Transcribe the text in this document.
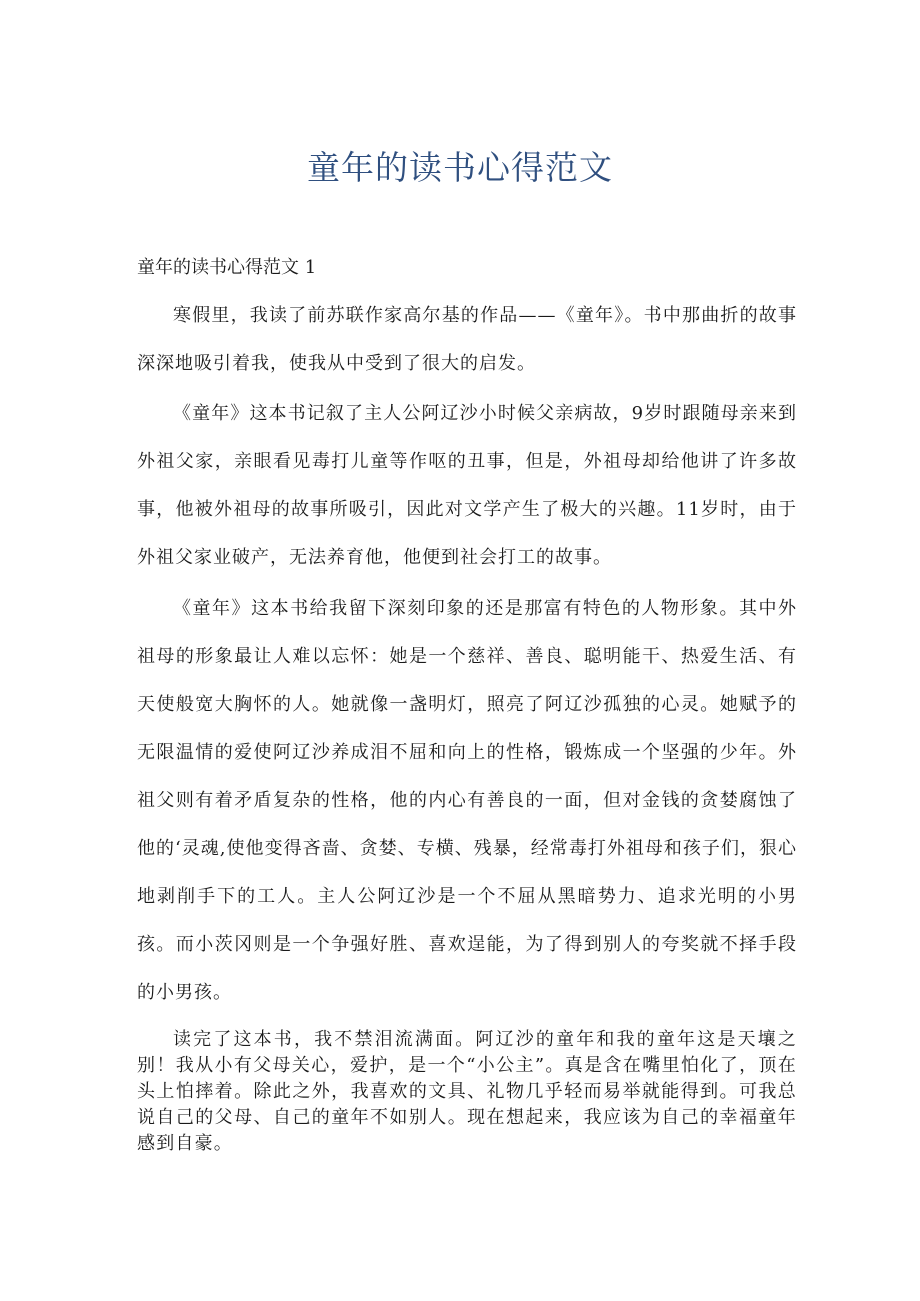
童年的读书心得范文
童年的读书心得范文 1

寒假里，我读了前苏联作家高尔基的作品——《童年》。书中那曲折的故事深深地吸引着我，使我从中受到了很大的启发。

《童年》这本书记叙了主人公阿辽沙小时候父亲病故，9岁时跟随母亲来到外祖父家，亲眼看见毒打儿童等作呕的丑事，但是，外祖母却给他讲了许多故事，他被外祖母的故事所吸引，因此对文学产生了极大的兴趣。11岁时，由于外祖父家业破产，无法养育他，他便到社会打工的故事。

《童年》这本书给我留下深刻印象的还是那富有特色的人物形象。其中外祖母的形象最让人难以忘怀：她是一个慈祥、善良、聪明能干、热爱生活、有天使般宽大胸怀的人。她就像一盏明灯，照亮了阿辽沙孤独的心灵。她赋予的无限温情的爱使阿辽沙养成泪不屈和向上的性格，锻炼成一个坚强的少年。外祖父则有着矛盾复杂的性格，他的内心有善良的一面，但对金钱的贪婪腐蚀了他的‘灵魂,使他变得吝啬、贪婪、专横、残暴，经常毒打外祖母和孩子们，狠心地剥削手下的工人。主人公阿辽沙是一个不屈从黑暗势力、追求光明的小男孩。而小茨冈则是一个争强好胜、喜欢逞能，为了得到别人的夸奖就不择手段的小男孩。

读完了这本书，我不禁泪流满面。阿辽沙的童年和我的童年这是天壤之别！我从小有父母关心，爱护，是一个“小公主”。真是含在嘴里怕化了，顶在头上怕摔着。除此之外，我喜欢的文具、礼物几乎轻而易举就能得到。可我总说自己的父母、自己的童年不如别人。现在想起来，我应该为自己的幸福童年感到自豪。
